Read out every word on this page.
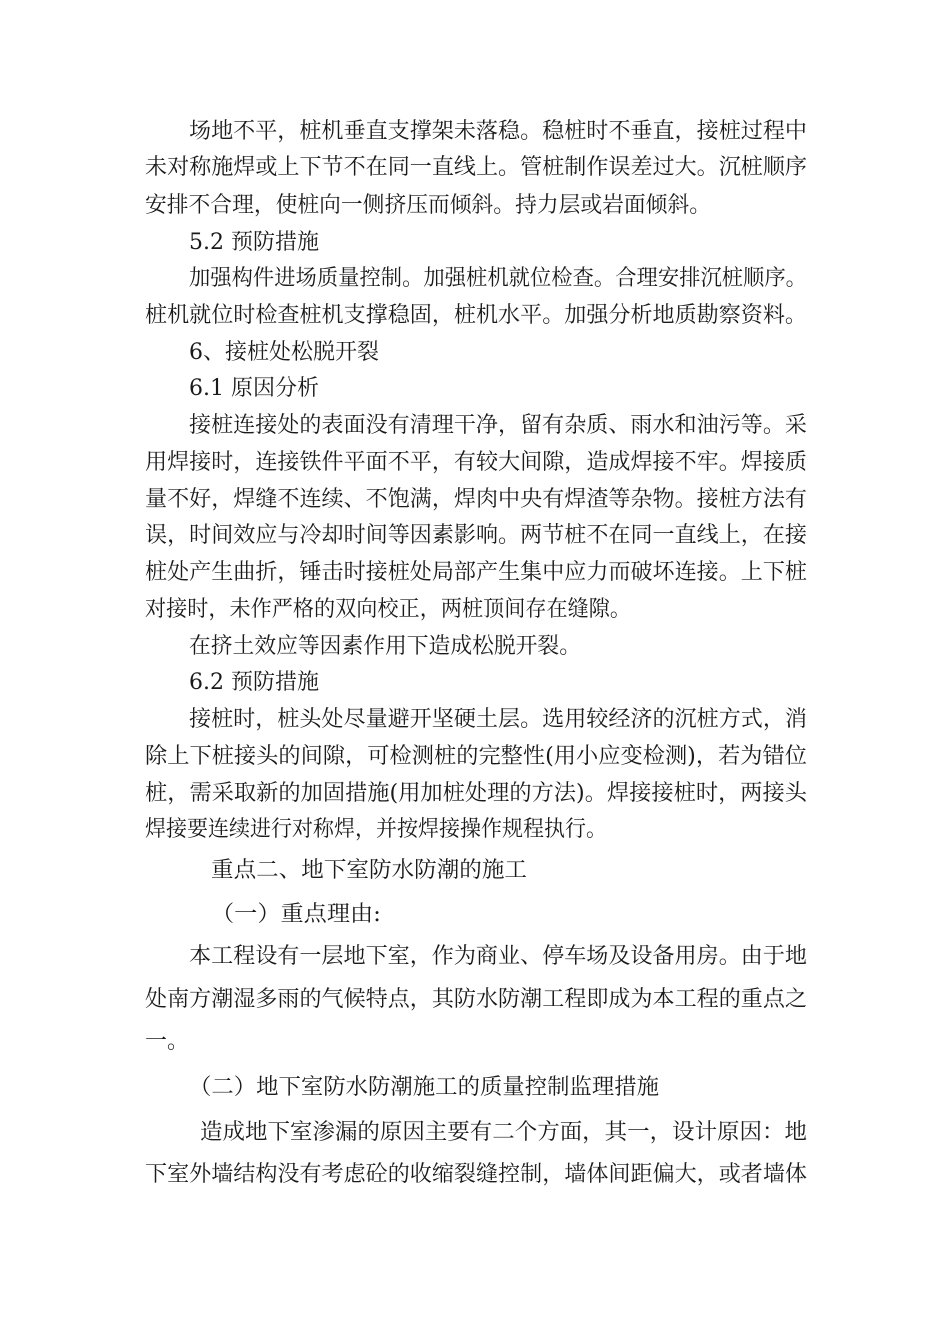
场地不平，桩机垂直支撑架未落稳。稳桩时不垂直，接桩过程中
未对称施焊或上下节不在同一直线上。管桩制作误差过大。沉桩顺序
安排不合理，使桩向一侧挤压而倾斜。持力层或岩面倾斜。
5.2 预防措施
加强构件进场质量控制。加强桩机就位检查。合理安排沉桩顺序。
桩机就位时检查桩机支撑稳固，桩机水平。加强分析地质勘察资料。
6、接桩处松脱开裂
6.1 原因分析
接桩连接处的表面没有清理干净，留有杂质、雨水和油污等。采
用焊接时，连接铁件平面不平，有较大间隙，造成焊接不牢。焊接质
量不好，焊缝不连续、不饱满，焊肉中央有焊渣等杂物。接桩方法有
误，时间效应与冷却时间等因素影响。两节桩不在同一直线上，在接
桩处产生曲折，锤击时接桩处局部产生集中应力而破坏连接。上下桩
对接时，未作严格的双向校正，两桩顶间存在缝隙。
在挤土效应等因素作用下造成松脱开裂。
6.2 预防措施
接桩时，桩头处尽量避开坚硬土层。选用较经济的沉桩方式，消
除上下桩接头的间隙，可检测桩的完整性(用小应变检测)，若为错位
桩，需采取新的加固措施(用加桩处理的方法)。焊接接桩时，两接头
焊接要连续进行对称焊，并按焊接操作规程执行。
重点二、地下室防水防潮的施工
（一）重点理由:
本工程设有一层地下室，作为商业、停车场及设备用房。由于地
处南方潮湿多雨的气候特点，其防水防潮工程即成为本工程的重点之
一。
（二）地下室防水防潮施工的质量控制监理措施
造成地下室渗漏的原因主要有二个方面，其一，设计原因：地
下室外墙结构没有考虑砼的收缩裂缝控制，墙体间距偏大，或者墙体
